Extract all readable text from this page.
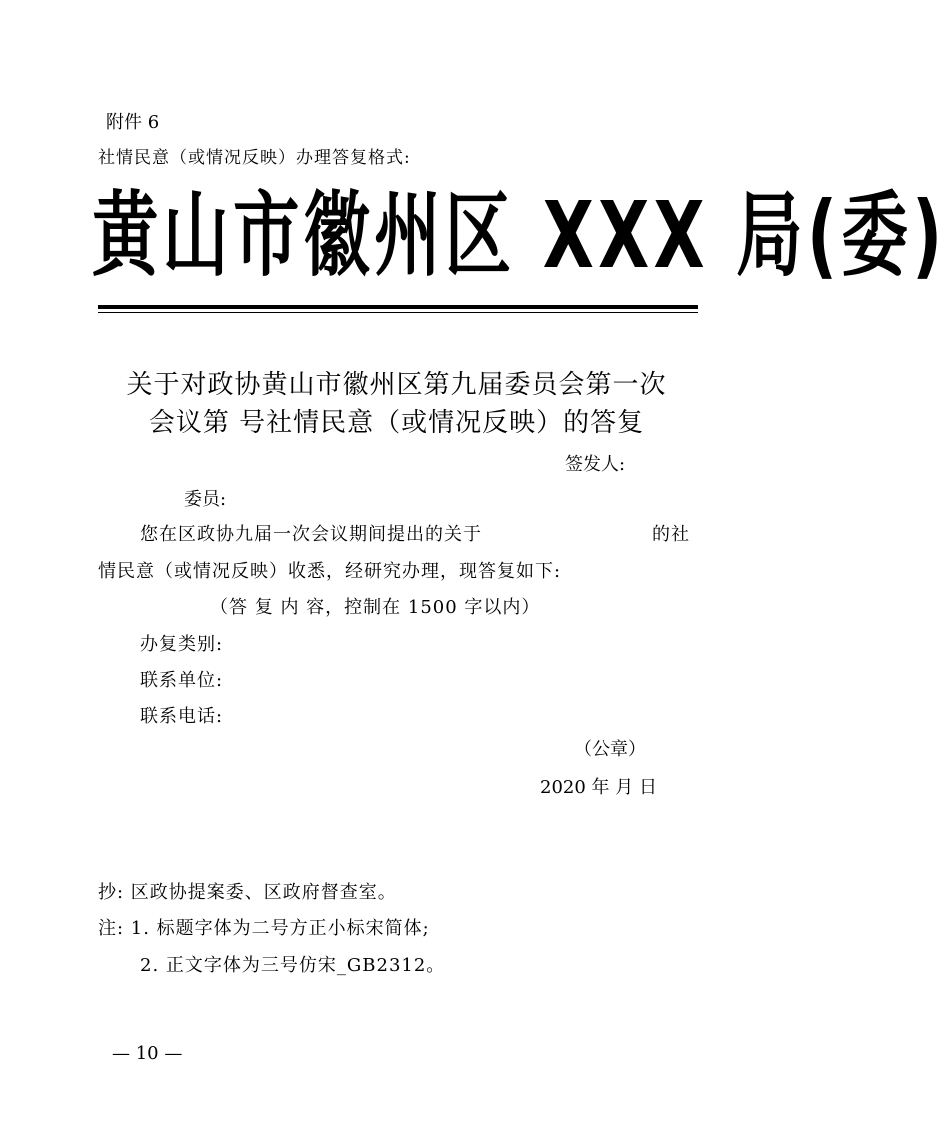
附件 6
社情民意（或情况反映）办理答复格式:
黄山市徽州区 XXX 局(委)
关于对政协黄山市徽州区第九届委员会第一次
会议第 号社情民意（或情况反映）的答复
签发人:
委员:
您在区政协九届一次会议期间提出的关于	的社
情民意（或情况反映）收悉，经研究办理，现答复如下:
（答 复 内 容，控制在 1500 字以内）
办复类别:
联系单位:
联系电话:
（公章）
2020 年 月 日
抄: 区政协提案委、区政府督查室。
注: 1. 标题字体为二号方正小标宋简体;
2. 正文字体为三号仿宋_GB2312。
— 10 —
